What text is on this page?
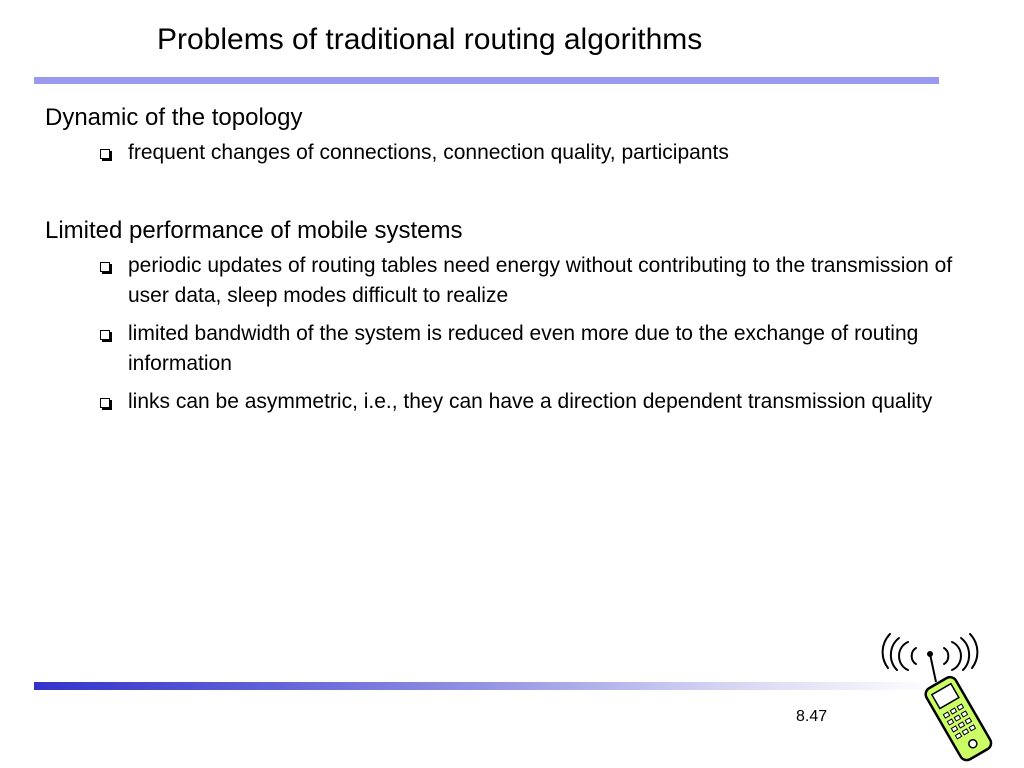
Problems of traditional routing algorithms
Dynamic of the topology
frequent changes of connections, connection quality, participants
Limited performance of mobile systems
periodic updates of routing tables need energy without contributing to the transmission of user data, sleep modes difficult to realize
limited bandwidth of the system is reduced even more due to the exchange of routing information
links can be asymmetric, i.e., they can have a direction dependent transmission quality
8.47
